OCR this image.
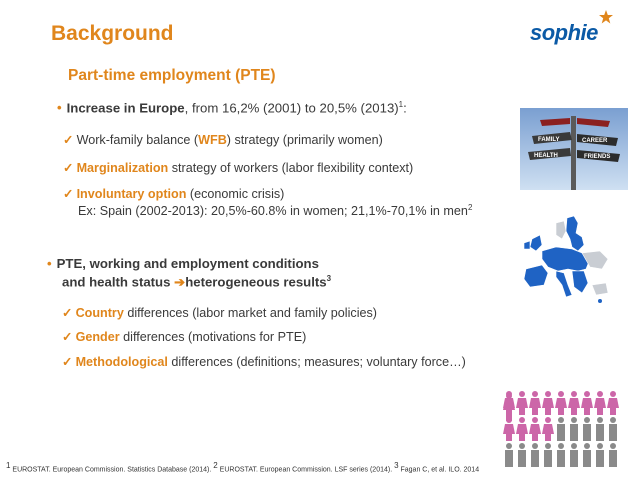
Background	sophie
Part-time employment (PTE)
• Increase in Europe, from 16,2% (2001) to 20,5% $(2013)^1$:
✓ Work-family balance (WFB) strategy (primarily women)
✓ Marginalization strategy of workers (labor flexibility context)
✓ Involuntary option (economic crisis)
Ex: Spain (2002-2013): 20,5%-60.8% in women; 21,1%-70,1% in men$^2$
• PTE, working and employment conditions
and health status ➔heterogeneous results$^3$
✓ Country differences (labor market and family policies)
✓ Gender differences (motivations for PTE)
✓ Methodological differences (definitions; measures; voluntary force…)
FAMILY	CAREER
HEALTH	FRIENDS
$^1$ EUROSTAT. European Commission. Statistics Database (2014). $^2$ EUROSTAT. European Commission. LSF series (2014). $^3$ Fagan C, et al. ILO. 2014
